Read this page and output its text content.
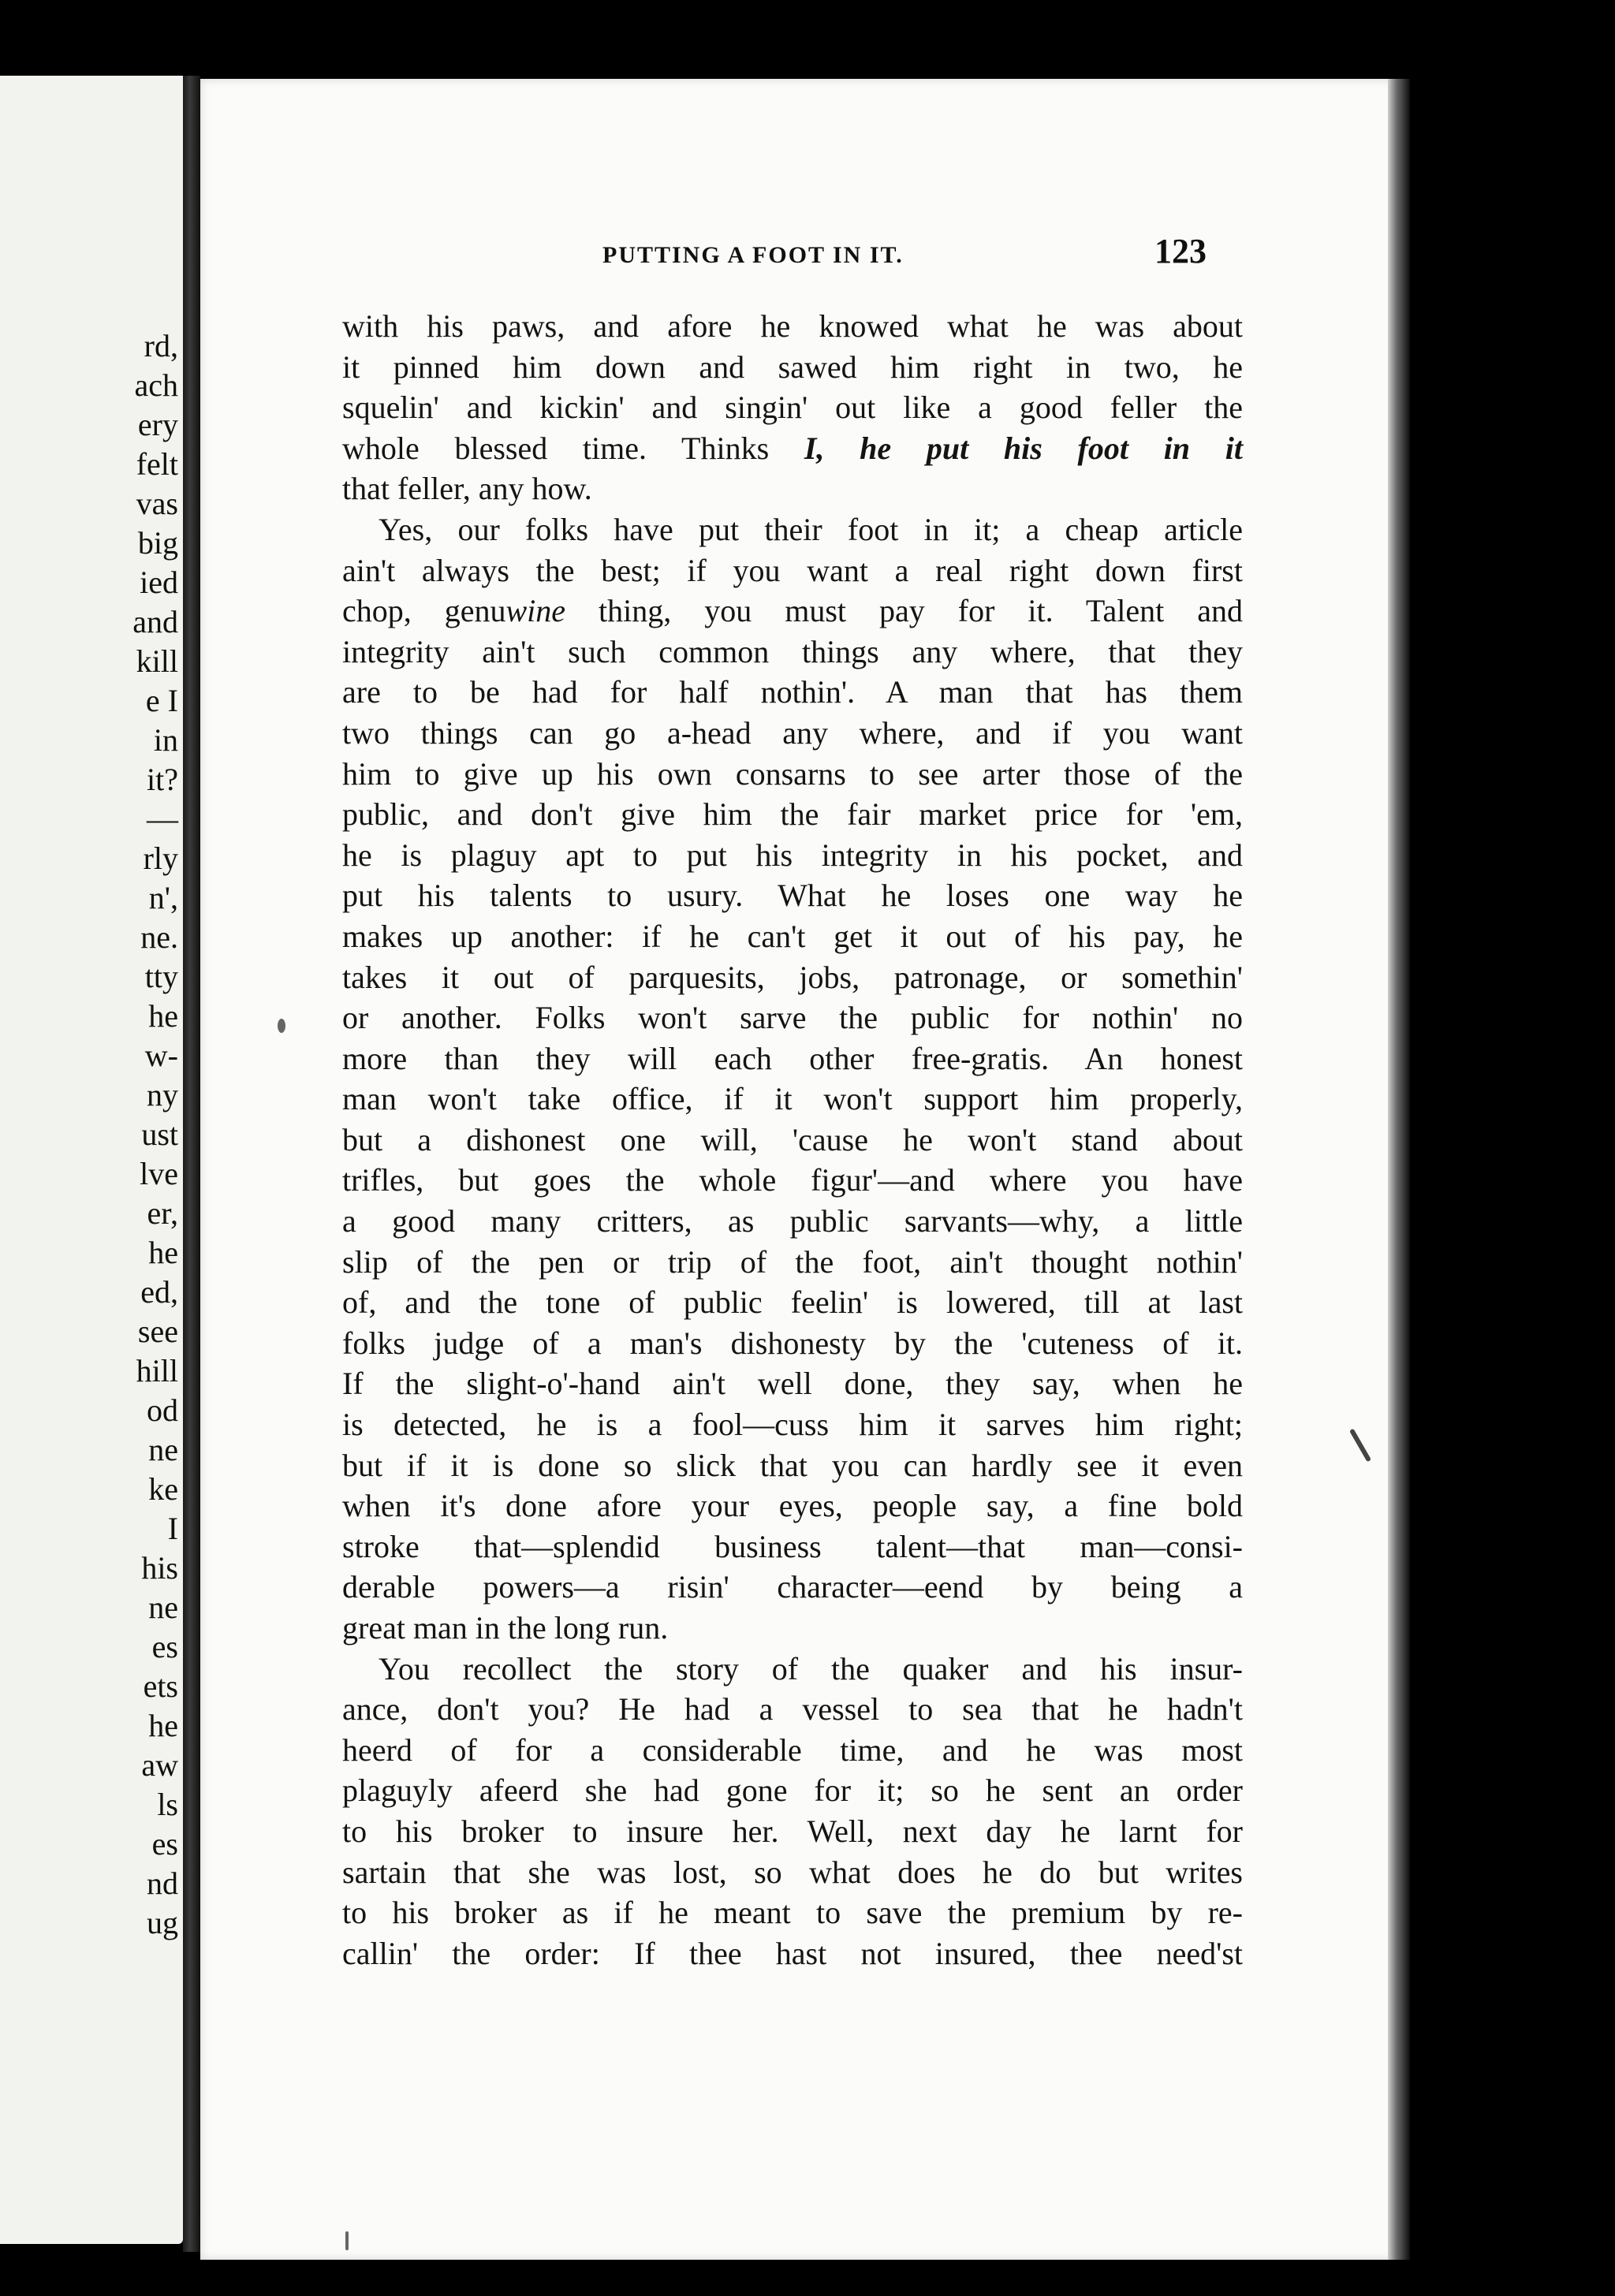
rd,
ach
ery
felt
vas
big
ied
and
kill
e I
in
it?
—
rly
n',
ne.
tty
he
w-
ny
ust
lve
er,
he
ed,
see
hill
od
ne
ke
I
his
ne
es
ets
he
aw
ls
es
nd
ug
PUTTING A FOOT IN IT.	123
with his paws, and afore he knowed what he was about
it pinned him down and sawed him right in two, he
squelin' and kickin' and singin' out like a good feller the
whole blessed time. Thinks I, he put his foot in it
that feller, any how.
Yes, our folks have put their foot in it; a cheap article
ain't always the best; if you want a real right down first
chop, genuwine thing, you must pay for it. Talent and
integrity ain't such common things any where, that they
are to be had for half nothin'. A man that has them
two things can go a-head any where, and if you want
him to give up his own consarns to see arter those of the
public, and don't give him the fair market price for 'em,
he is plaguy apt to put his integrity in his pocket, and
put his talents to usury. What he loses one way he
makes up another: if he can't get it out of his pay, he
takes it out of parquesits, jobs, patronage, or somethin'
or another. Folks won't sarve the public for nothin' no
more than they will each other free-gratis. An honest
man won't take office, if it won't support him properly,
but a dishonest one will, 'cause he won't stand about
trifles, but goes the whole figur'—and where you have
a good many critters, as public sarvants—why, a little
slip of the pen or trip of the foot, ain't thought nothin'
of, and the tone of public feelin' is lowered, till at last
folks judge of a man's dishonesty by the 'cuteness of it.
If the slight-o'-hand ain't well done, they say, when he
is detected, he is a fool—cuss him it sarves him right;
but if it is done so slick that you can hardly see it even
when it's done afore your eyes, people say, a fine bold
stroke that—splendid business talent—that man—consi-
derable powers—a risin' character—eend by being a
great man in the long run.
You recollect the story of the quaker and his insur-
ance, don't you? He had a vessel to sea that he hadn't
heerd of for a considerable time, and he was most
plaguyly afeerd she had gone for it; so he sent an order
to his broker to insure her. Well, next day he larnt for
sartain that she was lost, so what does he do but writes
to his broker as if he meant to save the premium by re-
callin' the order: If thee hast not insured, thee need'st
